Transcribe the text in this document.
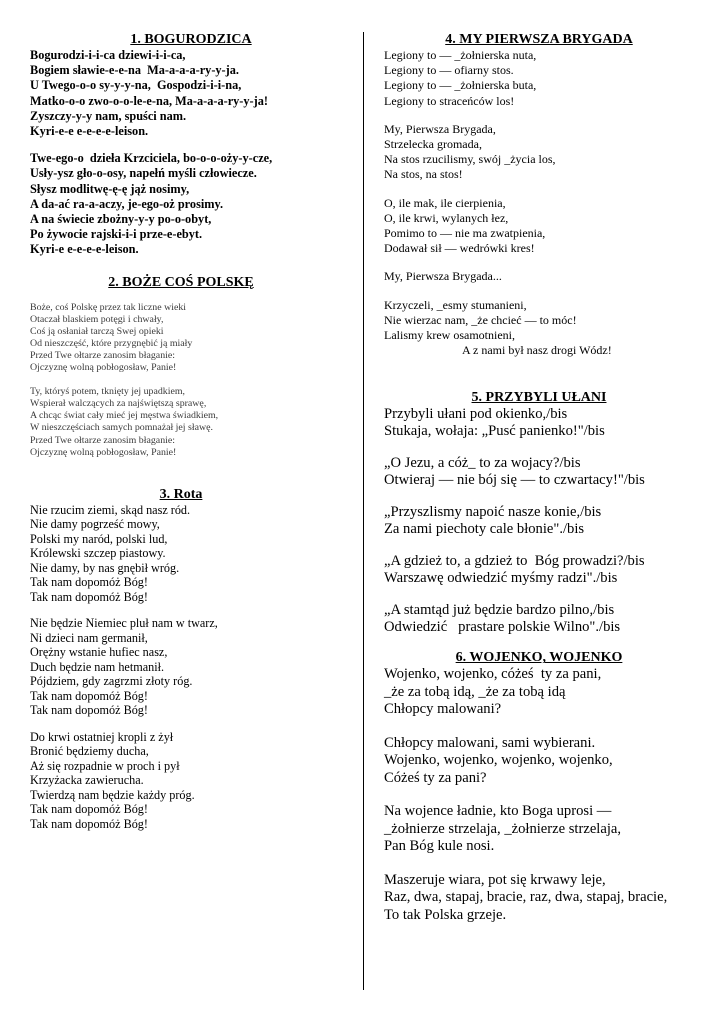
1. BOGURODZICA
Bogurodzi-i-i-ca dziewi-i-i-ca,
Bogiem sławie-e-e-na  Ma-a-a-a-ry-y-ja.
U Twego-o-o sy-y-y-na,  Gospodzi-i-i-na,
Matko-o-o zwo-o-o-le-e-na, Ma-a-a-a-ry-y-ja!
Zyszczy-y-y nam, spuści nam.
Kyri-e-e e-e-e-e-leison.
Twe-ego-o  dzieła Krzciciela, bo-o-o-oży-y-cze,
Usły-ysz gło-o-osy, napełń myśli człowiecze.
Słysz modlitwę-ę-ę jąż nosimy,
A da-ać ra-a-aczy, je-ego-oż prosimy.
A na świecie zbożny-y-y po-o-obyt,
Po żywocie rajski-i-i prze-e-ebyt.
Kyri-e e-e-e-e-leison.
2. BOŻE COŚ POLSKĘ
Boże, coś Polskę przez tak liczne wieki
Otaczał blaskiem potęgi i chwały,
Coś ją osłaniał tarczą Swej opieki
Od nieszczęść, które przygnębić ją miały
Przed Twe ołtarze zanosim błaganie:
Ojczyznę wolną pobłogosław, Panie!
Ty, któryś potem, tknięty jej upadkiem,
Wspierał walczących za najświętszą sprawę,
A chcąc świat cały mieć jej męstwa świadkiem,
W nieszczęściach samych pomnażał jej sławę.
Przed Twe ołtarze zanosim błaganie:
Ojczyznę wolną pobłogosław, Panie!
3. Rota
Nie rzucim ziemi, skąd nasz ród.
Nie damy pogrześć mowy,
Polski my naród, polski lud,
Królewski szczep piastowy.
Nie damy, by nas gnębił wróg.
Tak nam dopomóż Bóg!
Tak nam dopomóż Bóg!
Nie będzie Niemiec pluł nam w twarz,
Ni dzieci nam germanił,
Orężny wstanie hufiec nasz,
Duch będzie nam hetmanił.
Pójdziem, gdy zagrzmi złoty róg.
Tak nam dopomóż Bóg!
Tak nam dopomóż Bóg!
Do krwi ostatniej kropli z żył
Bronić będziemy ducha,
Aż się rozpadnie w proch i pył
Krzyżacka zawierucha.
Twierdzą nam będzie każdy próg.
Tak nam dopomóż Bóg!
Tak nam dopomóż Bóg!
4. MY PIERWSZA BRYGADA
Legiony to — _żołnierska nuta,
Legiony to — ofiarny stos.
Legiony to — _żołnierska buta,
Legiony to straceńców los!
My, Pierwsza Brygada,
Strzelecka gromada,
Na stos rzucilismy, swój _życia los,
Na stos, na stos!
O, ile mak, ile cierpienia,
O, ile krwi, wylanych łez,
Pomimo to — nie ma zwatpienia,
Dodawał sił — wedrówki kres!
My, Pierwsza Brygada...
Krzyczeli, _esmy stumanieni,
Nie wierzac nam, _że chcieć — to móc!
Lalismy krew osamotnieni,
A z nami był nasz drogi Wódz!
5. PRZYBYLI UŁANI
Przybyli ułani pod okienko,/bis
Stukaja, wołaja: „Pusć panienko!"/bis
„O Jezu, a cóż_ to za wojacy?/bis
Otwieraj — nie bój się — to czwartacy!"/bis
„Przyszlismy napoić nasze konie,/bis
Za nami piechoty cale błonie"./bis
„A gdzież to, a gdzież to  Bóg prowadzi?/bis
Warszawę odwiedzić myśmy radzi"./bis
„A stamtąd już będzie bardzo pilno,/bis
Odwiedzić   prastare polskie Wilno"./bis
6. WOJENKO, WOJENKO
Wojenko, wojenko, cóżeś  ty za pani,
_że za tobą idą, _że za tobą idą
Chłopcy malowani?
Chłopcy malowani, sami wybierani.
Wojenko, wojenko, wojenko, wojenko,
Cóżeś ty za pani?
Na wojence ładnie, kto Boga uprosi —
_żołnierze strzelaja, _żołnierze strzelaja,
Pan Bóg kule nosi.
Maszeruje wiara, pot się krwawy leje,
Raz, dwa, stapaj, bracie, raz, dwa, stapaj, bracie,
To tak Polska grzeje.
